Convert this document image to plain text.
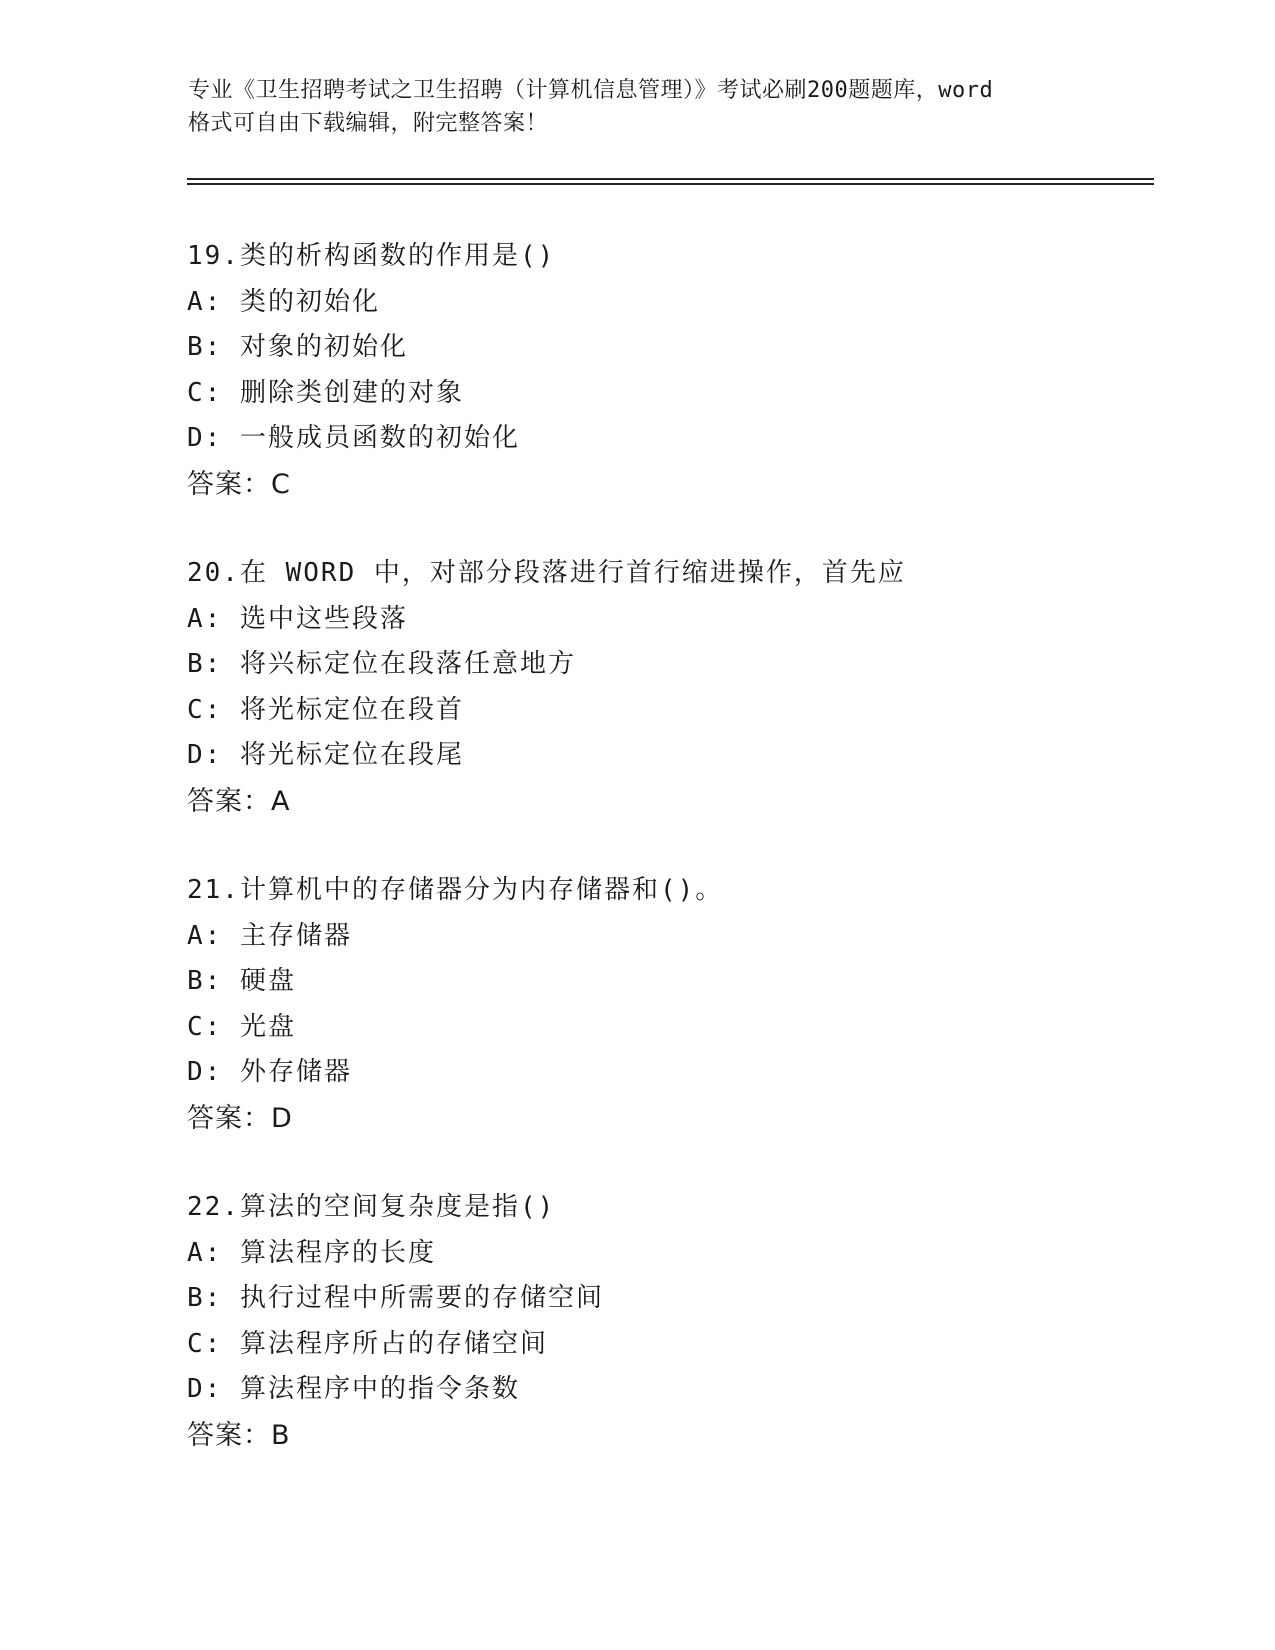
专业《卫生招聘考试之卫生招聘（计算机信息管理）》考试必刷200题题库，word
格式可自由下载编辑，附完整答案！
19.类的析构函数的作用是()
A: 类的初始化
B: 对象的初始化
C: 删除类创建的对象
D: 一般成员函数的初始化
答案：C
20.在 WORD 中，对部分段落进行首行缩进操作，首先应
A: 选中这些段落
B: 将兴标定位在段落任意地方
C: 将光标定位在段首
D: 将光标定位在段尾
答案：A
21.计算机中的存储器分为内存储器和()。
A: 主存储器
B: 硬盘
C: 光盘
D: 外存储器
答案：D
22.算法的空间复杂度是指()
A: 算法程序的长度
B: 执行过程中所需要的存储空间
C: 算法程序所占的存储空间
D: 算法程序中的指令条数
答案：B
